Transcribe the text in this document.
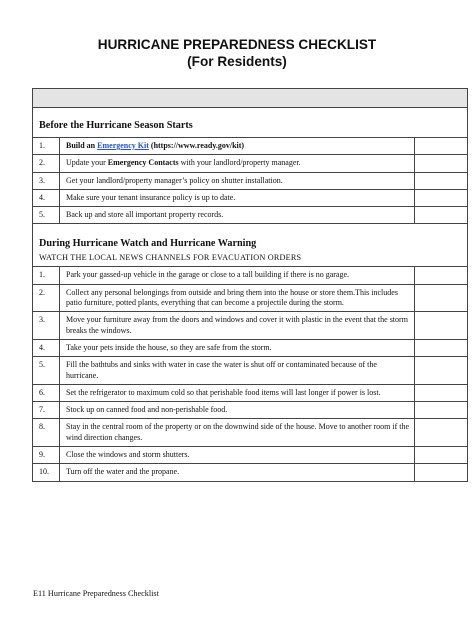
HURRICANE PREPAREDNESS CHECKLIST
(For Residents)
Before the Hurricane Season Starts
1.	Build an Emergency Kit (https://www.ready.gov/kit)	
2.	Update your Emergency Contacts with your landlord/property manager.	
3.	Get your landlord/property manager’s policy on shutter installation.	
4.	Make sure your tenant insurance policy is up to date.	
5.	Back up and store all important property records.	
During Hurricane Watch and Hurricane Warning
WATCH THE LOCAL NEWS CHANNELS FOR EVACUATION ORDERS
1.	Park your gassed-up vehicle in the garage or close to a tall building if there is no garage.	
2.	Collect any personal belongings from outside and bring them into the house or store them.This includes patio furniture, potted plants, everything that can become a projectile during the storm.	
3.	Move your furniture away from the doors and windows and cover it with plastic in the event that the storm breaks the windows.	
4.	Take your pets inside the house, so they are safe from the storm.	
5.	Fill the bathtubs and sinks with water in case the water is shut off or contaminated because of the hurricane.	
6.	Set the refrigerator to maximum cold so that perishable food items will last longer if power is lost.	
7.	Stock up on canned food and non-perishable food.	
8.	Stay in the central room of the property or on the downwind side of the house. Move to another room if the wind direction changes.	
9.	Close the windows and storm shutters.	
10.	Turn off the water and the propane.	
E11 Hurricane Preparedness Checklist
